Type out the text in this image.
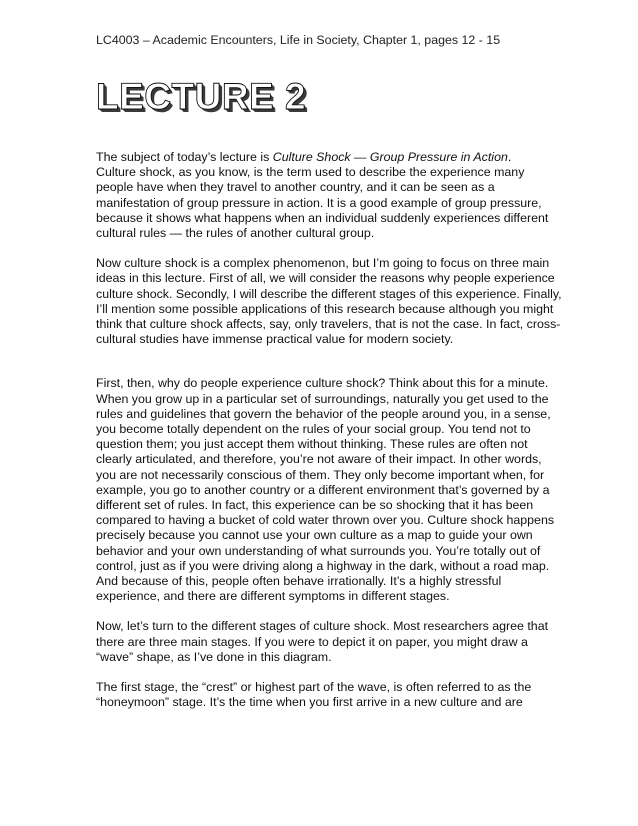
LC4003 – Academic Encounters, Life in Society, Chapter 1, pages 12 - 15
LECTURE 2

The subject of today’s lecture is Culture Shock — Group Pressure in Action.
Culture shock, as you know, is the term used to describe the experience many
people have when they travel to another country, and it can be seen as a
manifestation of group pressure in action. It is a good example of group pressure,
because it shows what happens when an individual suddenly experiences different
cultural rules — the rules of another cultural group.

Now culture shock is a complex phenomenon, but I’m going to focus on three main
ideas in this lecture. First of all, we will consider the reasons why people experience
culture shock. Secondly, I will describe the different stages of this experience. Finally,
I’ll mention some possible applications of this research because although you might
think that culture shock affects, say, only travelers, that is not the case. In fact, cross-
cultural studies have immense practical value for modern society.

First, then, why do people experience culture shock? Think about this for a minute.
When you grow up in a particular set of surroundings, naturally you get used to the
rules and guidelines that govern the behavior of the people around you, in a sense,
you become totally dependent on the rules of your social group. You tend not to
question them; you just accept them without thinking. These rules are often not
clearly articulated, and therefore, you’re not aware of their impact. In other words,
you are not necessarily conscious of them. They only become important when, for
example, you go to another country or a different environment that’s governed by a
different set of rules. In fact, this experience can be so shocking that it has been
compared to having a bucket of cold water thrown over you. Culture shock happens
precisely because you cannot use your own culture as a map to guide your own
behavior and your own understanding of what surrounds you. You’re totally out of
control, just as if you were driving along a highway in the dark, without a road map.
And because of this, people often behave irrationally. It’s a highly stressful
experience, and there are different symptoms in different stages.

Now, let’s turn to the different stages of culture shock. Most researchers agree that
there are three main stages. If you were to depict it on paper, you might draw a
“wave” shape, as I’ve done in this diagram.

The first stage, the “crest” or highest part of the wave, is often referred to as the
“honeymoon” stage. It’s the time when you first arrive in a new culture and are
